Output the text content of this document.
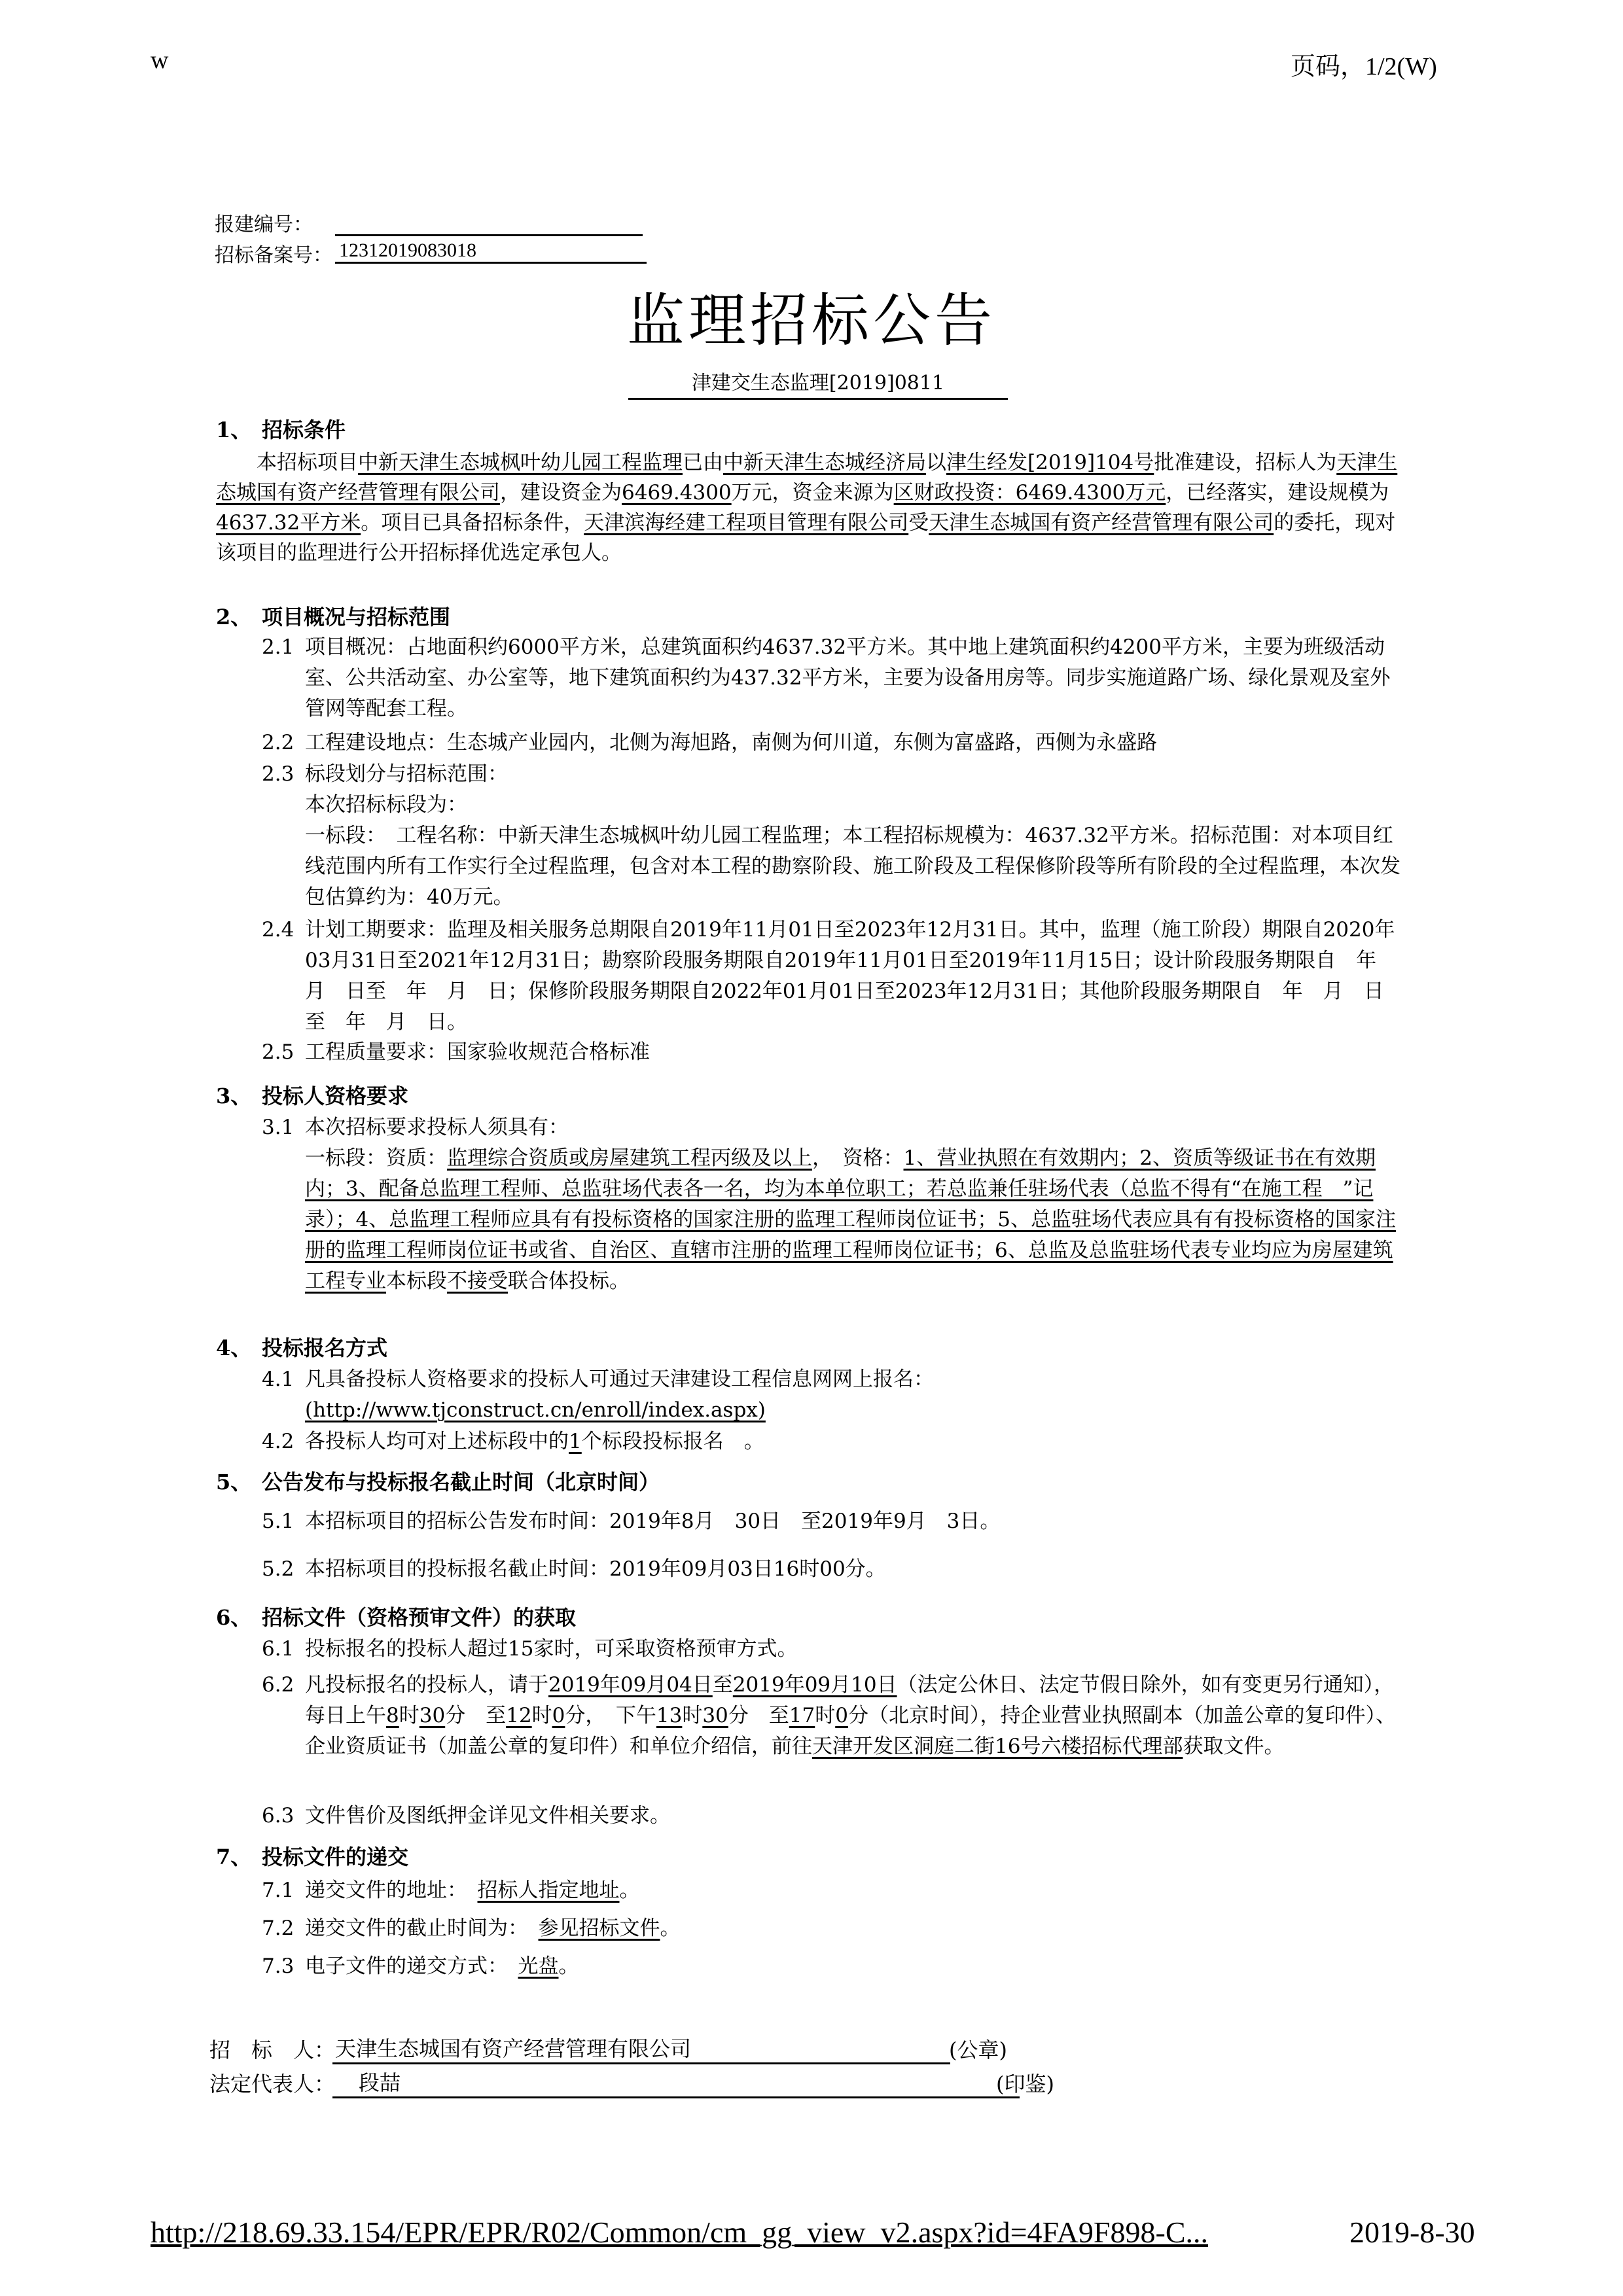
w	页码，1/2(W)
报建编号：
招标备案号： 12312019083018
监理招标公告
津建交生态监理[2019]0811
1、 招标条件
本招标项目中新天津生态城枫叶幼儿园工程监理已由中新天津生态城经济局以津生经发[2019]104号批准建设，招标人为天津生态城国有资产经营管理有限公司，建设资金为6469.4300万元，资金来源为区财政投资：6469.4300万元，已经落实，建设规模为4637.32平方米。项目已具备招标条件，天津滨海经建工程项目管理有限公司受天津生态城国有资产经营管理有限公司的委托，现对该项目的监理进行公开招标择优选定承包人。
2、 项目概况与招标范围
2.1 项目概况：占地面积约6000平方米，总建筑面积约4637.32平方米。其中地上建筑面积约4200平方米，主要为班级活动室、公共活动室、办公室等，地下建筑面积约为437.32平方米，主要为设备用房等。同步实施道路广场、绿化景观及室外管网等配套工程。
2.2 工程建设地点：生态城产业园内，北侧为海旭路，南侧为何川道，东侧为富盛路，西侧为永盛路
2.3 标段划分与招标范围：
本次招标标段为：
一标段：　工程名称：中新天津生态城枫叶幼儿园工程监理；本工程招标规模为：4637.32平方米。招标范围：对本项目红线范围内所有工作实行全过程监理，包含对本工程的勘察阶段、施工阶段及工程保修阶段等所有阶段的全过程监理，本次发包估算约为：40万元。
2.4 计划工期要求：监理及相关服务总期限自2019年11月01日至2023年12月31日。其中，监理（施工阶段）期限自2020年03月31日至2021年12月31日；勘察阶段服务期限自2019年11月01日至2019年11月15日；设计阶段服务期限自　年　月　日至　年　月　日；保修阶段服务期限自2022年01月01日至2023年12月31日；其他阶段服务期限自　年　月　日至　年　月　日。
2.5 工程质量要求：国家验收规范合格标准
3、 投标人资格要求
3.1 本次招标要求投标人须具有：
一标段：资质：监理综合资质或房屋建筑工程丙级及以上，　资格：1、营业执照在有效期内；2、资质等级证书在有效期内；3、配备总监理工程师、总监驻场代表各一名，均为本单位职工；若总监兼任驻场代表（总监不得有“在施工程　”记录）；4、总监理工程师应具有有投标资格的国家注册的监理工程师岗位证书；5、总监驻场代表应具有有投标资格的国家注册的监理工程师岗位证书或省、自治区、直辖市注册的监理工程师岗位证书；6、总监及总监驻场代表专业均应为房屋建筑工程专业本标段不接受联合体投标。
4、 投标报名方式
4.1 凡具备投标人资格要求的投标人可通过天津建设工程信息网网上报名：
(http://www.tjconstruct.cn/enroll/index.aspx)
4.2 各投标人均可对上述标段中的1个标段投标报名　。
5、 公告发布与投标报名截止时间（北京时间）
5.1 本招标项目的招标公告发布时间：2019年8月　30日　至2019年9月　3日。
5.2 本招标项目的投标报名截止时间：2019年09月03日16时00分。
6、 招标文件（资格预审文件）的获取
6.1 投标报名的投标人超过15家时，可采取资格预审方式。
6.2 凡投标报名的投标人，请于2019年09月04日至2019年09月10日（法定公休日、法定节假日除外，如有变更另行通知），每日上午8时30分　至12时0分，　下午13时30分　至17时0分（北京时间），持企业营业执照副本（加盖公章的复印件）、企业资质证书（加盖公章的复印件）和单位介绍信，前往天津开发区洞庭二街16号六楼招标代理部获取文件。
6.3 文件售价及图纸押金详见文件相关要求。
7、 投标文件的递交
7.1 递交文件的地址：　 招标人指定地址。
7.2 递交文件的截止时间为：　 参见招标文件。
7.3 电子文件的递交方式：　 光盘。
招　标　人： 天津生态城国有资产经营管理有限公司	(公章)
法定代表人：	段喆	(印鉴)
http://218.69.33.154/EPR/EPR/R02/Common/cm_gg_view_v2.aspx?id=4FA9F898-C...	2019-8-30
